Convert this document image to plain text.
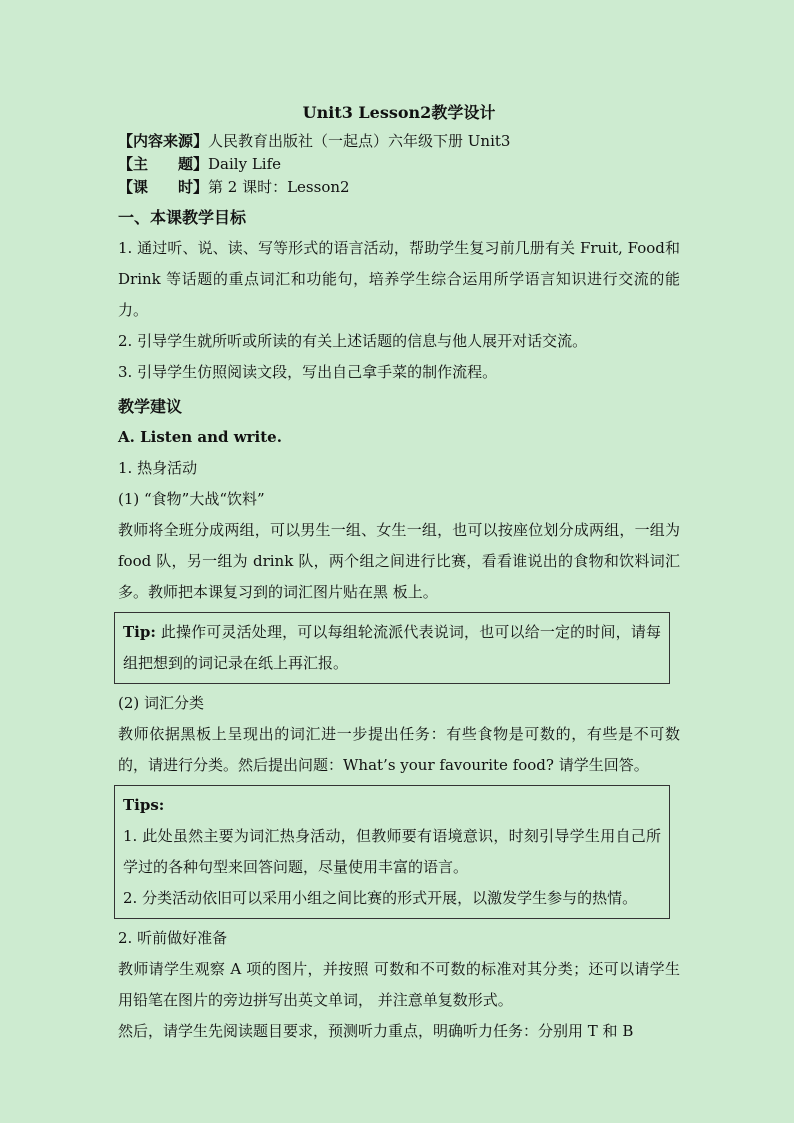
Unit3 Lesson2教学设计
【内容来源】人民教育出版社（一起点）六年级下册 Unit3
【主　　题】Daily Life
【课　　时】第 2 课时：Lesson2
一、本课教学目标

1. 通过听、说、读、写等形式的语言活动，帮助学生复习前几册有关 Fruit, Food和 Drink 等话题的重点词汇和功能句，培养学生综合运用所学语言知识进行交流的能力。

2. 引导学生就所听或所读的有关上述话题的信息与他人展开对话交流。

3. 引导学生仿照阅读文段，写出自己拿手菜的制作流程。

教学建议
A. Listen and write.

1. 热身活动

(1) “食物”大战“饮料”

教师将全班分成两组，可以男生一组、女生一组，也可以按座位划分成两组，一组为 food 队，另一组为 drink 队，两个组之间进行比赛，看看谁说出的食物和饮料词汇多。教师把本课复习到的词汇图片贴在黑 板上。

Tip: 此操作可灵活处理，可以每组轮流派代表说词，也可以给一定的时间，请每组把想到的词记录在纸上再汇报。

(2) 词汇分类

教师依据黑板上呈现出的词汇进一步提出任务：有些食物是可数的，有些是不可数的，请进行分类。然后提出问题：What’s your favourite food? 请学生回答。

Tips:

1. 此处虽然主要为词汇热身活动，但教师要有语境意识，时刻引导学生用自己所学过的各种句型来回答问题，尽量使用丰富的语言。

2. 分类活动依旧可以采用小组之间比赛的形式开展，以激发学生参与的热情。

2. 听前做好准备

教师请学生观察 A 项的图片，并按照 可数和不可数的标准对其分类；还可以请学生用铅笔在图片的旁边拼写出英文单词， 并注意单复数形式。

然后，请学生先阅读题目要求，预测听力重点，明确听力任务：分别用 T 和 B
